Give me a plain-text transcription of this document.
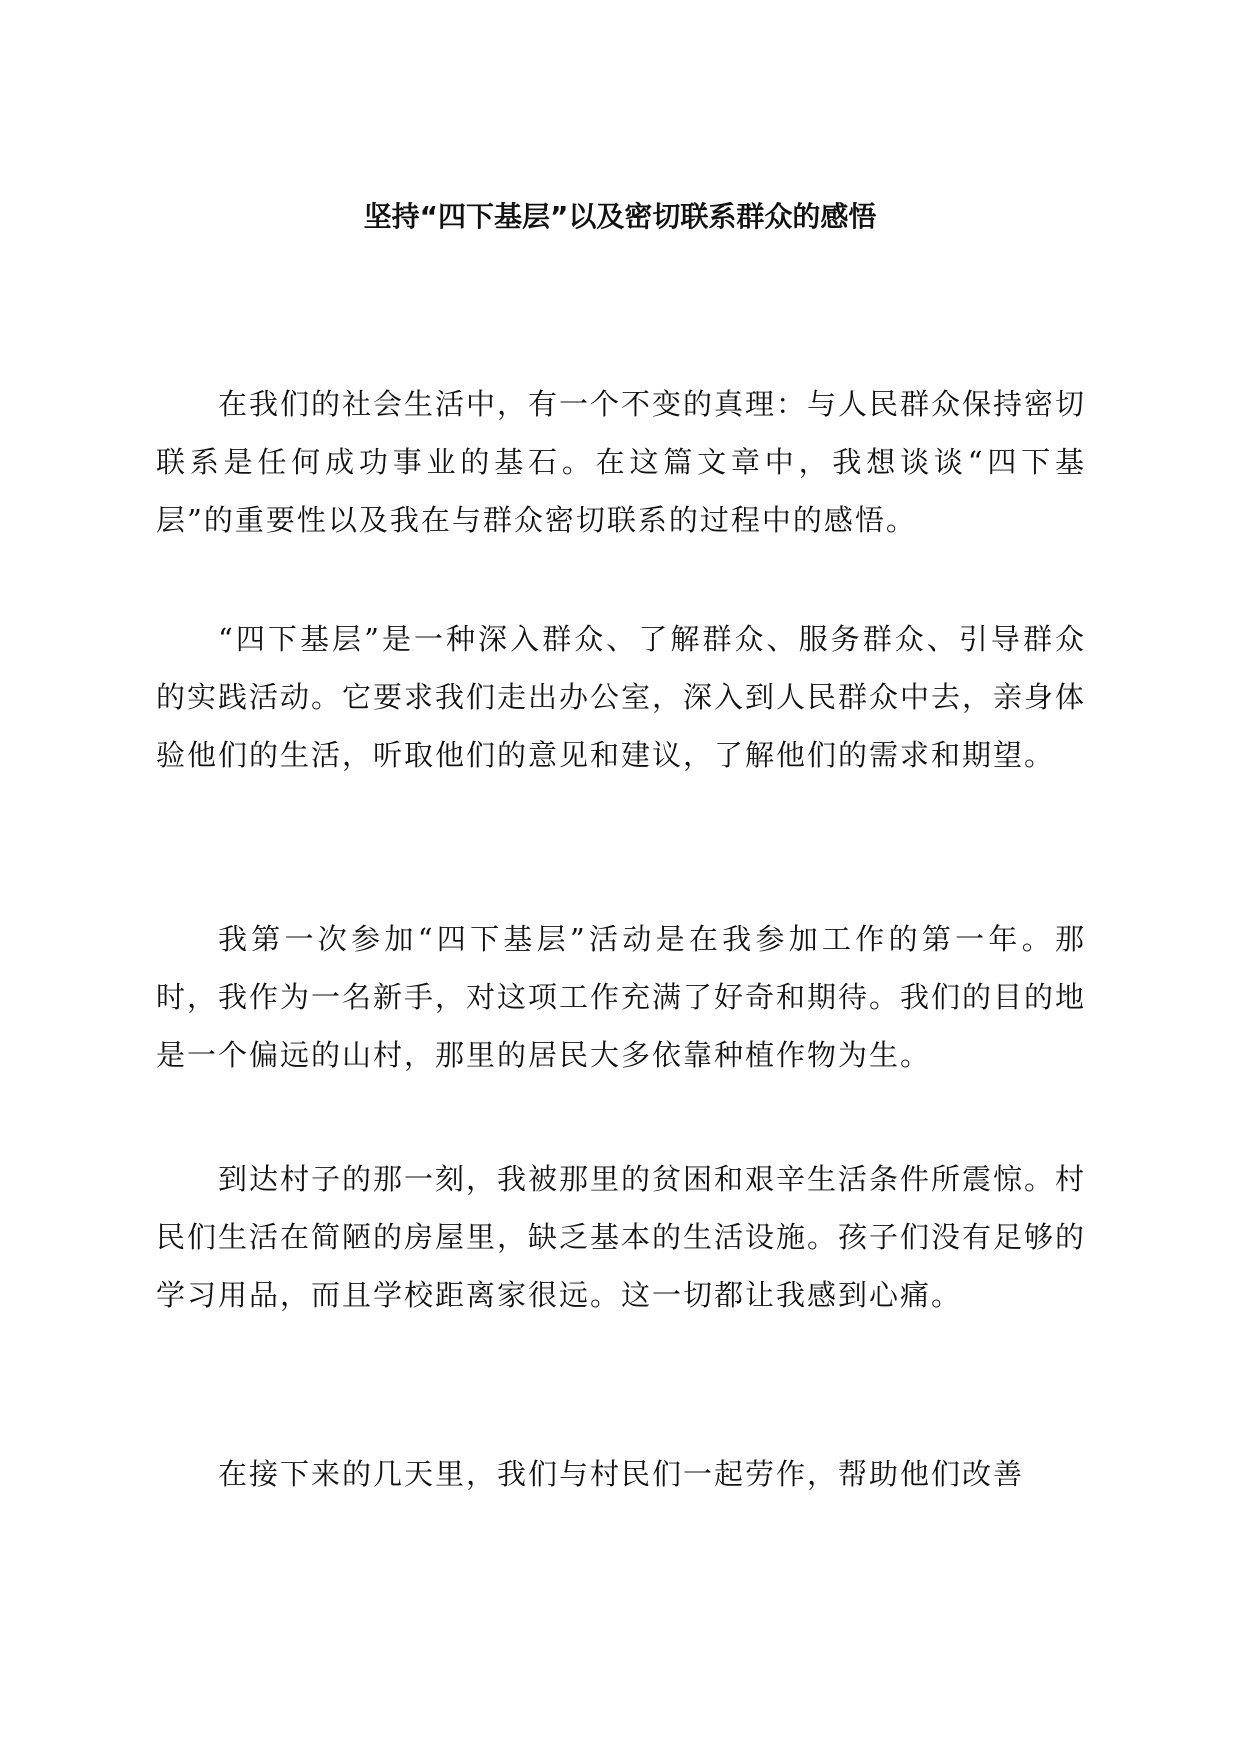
坚持“四下基层”以及密切联系群众的感悟

在我们的社会生活中，有一个不变的真理：与人民群众保持密切联系是任何成功事业的基石。在这篇文章中，我想谈谈“四下基层”的重要性以及我在与群众密切联系的过程中的感悟。

“四下基层”是一种深入群众、了解群众、服务群众、引导群众的实践活动。它要求我们走出办公室，深入到人民群众中去，亲身体验他们的生活，听取他们的意见和建议，了解他们的需求和期望。

我第一次参加“四下基层”活动是在我参加工作的第一年。那时，我作为一名新手，对这项工作充满了好奇和期待。我们的目的地是一个偏远的山村，那里的居民大多依靠种植作物为生。

到达村子的那一刻，我被那里的贫困和艰辛生活条件所震惊。村民们生活在简陋的房屋里，缺乏基本的生活设施。孩子们没有足够的学习用品，而且学校距离家很远。这一切都让我感到心痛。

在接下来的几天里，我们与村民们一起劳作，帮助他们改善
